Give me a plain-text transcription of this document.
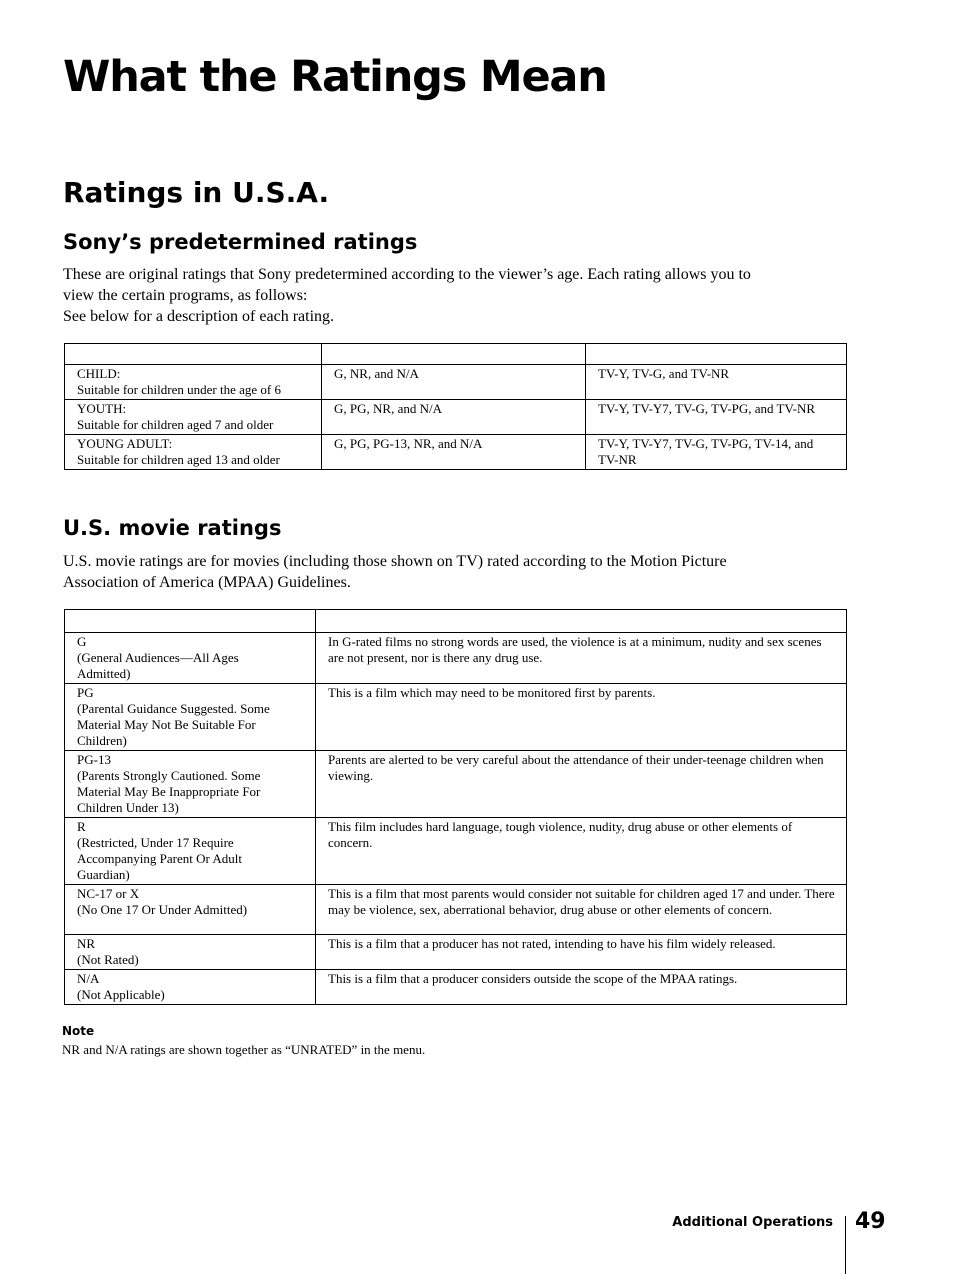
What the Ratings Mean
Ratings in U.S.A.
Sony’s predetermined ratings

These are original ratings that Sony predetermined according to the viewer’s age. Each rating allows you to
view the certain programs, as follows:
See below for a description of each rating.

CHILD:
Suitable for children under the age of 6	G, NR, and N/A	TV-Y, TV-G, and TV-NR

YOUTH:
Suitable for children aged 7 and older	G, PG, NR, and N/A	TV-Y, TV-Y7, TV-G, TV-PG, and TV-NR

YOUNG ADULT:
Suitable for children aged 13 and older	G, PG, PG-13, NR, and N/A	TV-Y, TV-Y7, TV-G, TV-PG, TV-14, and TV-NR
U.S. movie ratings

U.S. movie ratings are for movies (including those shown on TV) rated according to the Motion Picture
Association of America (MPAA) Guidelines.

G
(General Audiences—All Ages
Admitted)	In G-rated films no strong words are used, the violence is at a minimum, nudity and sex scenes are not present, nor is there any drug use.

PG
(Parental Guidance Suggested. Some
Material May Not Be Suitable For
Children)	This is a film which may need to be monitored first by parents.

PG-13
(Parents Strongly Cautioned. Some
Material May Be Inappropriate For
Children Under 13)	Parents are alerted to be very careful about the attendance of their under-teenage children when viewing.

R
(Restricted, Under 17 Require
Accompanying Parent Or Adult
Guardian)	This film includes hard language, tough violence, nudity, drug abuse or other elements of concern.

NC-17 or X
(No One 17 Or Under Admitted)	This is a film that most parents would consider not suitable for children aged 17 and under. There may be violence, sex, aberrational behavior, drug abuse or other elements of concern.

NR
(Not Rated)	This is a film that a producer has not rated, intending to have his film widely released.

N/A
(Not Applicable)	This is a film that a producer considers outside the scope of the MPAA ratings.

Note

NR and N/A ratings are shown together as “UNRATED” in the menu.

Additional Operations 49
